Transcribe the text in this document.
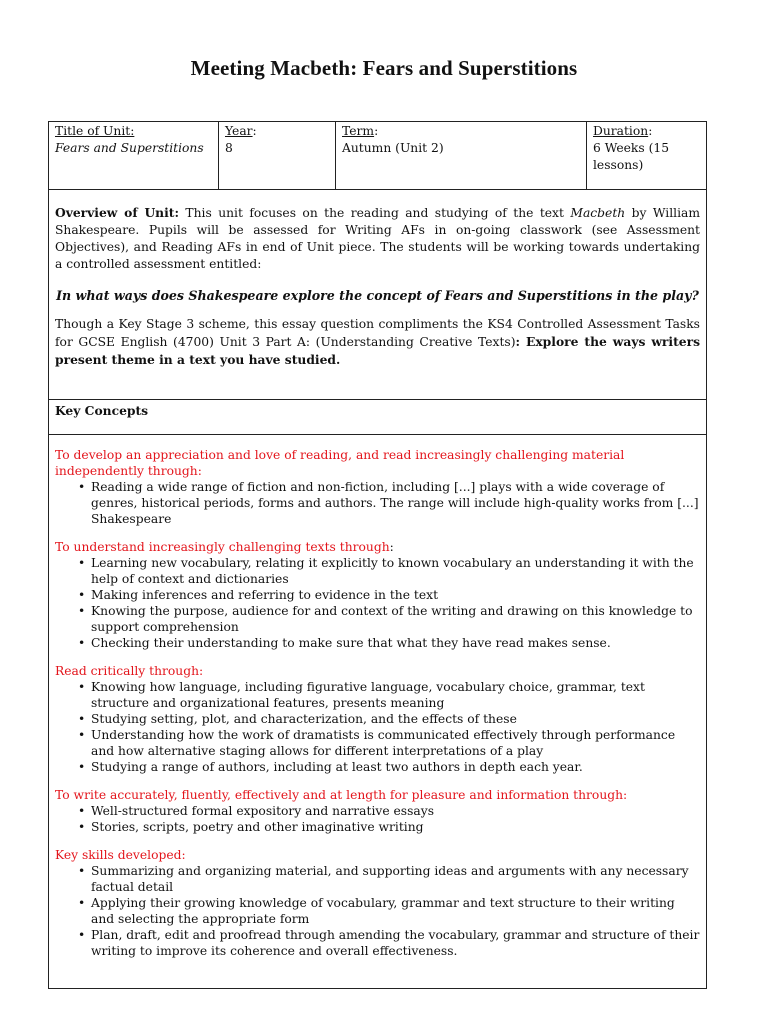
Meeting Macbeth: Fears and Superstitions
Title of Unit:
Fears and Superstitions
Year:
8
Term:
Autumn (Unit 2)
Duration:
6 Weeks (15 lessons)

Overview of Unit: This unit focuses on the reading and studying of the text Macbeth by William Shakespeare. Pupils will be assessed for Writing AFs in on-going classwork (see Assessment Objectives), and Reading AFs in end of Unit piece. The students will be working towards undertaking a controlled assessment entitled:

In what ways does Shakespeare explore the concept of Fears and Superstitions in the play?

Though a Key Stage 3 scheme, this essay question compliments the KS4 Controlled Assessment Tasks for GCSE English (4700) Unit 3 Part A: (Understanding Creative Texts): Explore the ways writers present theme in a text you have studied.

Key Concepts

To develop an appreciation and love of reading, and read increasingly challenging material independently through:

• Reading a wide range of fiction and non-fiction, including [...] plays with a wide coverage of genres, historical periods, forms and authors. The range will include high-quality works from [...] Shakespeare

To understand increasingly challenging texts through:

• Learning new vocabulary, relating it explicitly to known vocabulary an understanding it with the help of context and dictionaries
• Making inferences and referring to evidence in the text
• Knowing the purpose, audience for and context of the writing and drawing on this knowledge to support comprehension
• Checking their understanding to make sure that what they have read makes sense.

Read critically through:

• Knowing how language, including figurative language, vocabulary choice, grammar, text structure and organizational features, presents meaning
• Studying setting, plot, and characterization, and the effects of these
• Understanding how the work of dramatists is communicated effectively through performance and how alternative staging allows for different interpretations of a play
• Studying a range of authors, including at least two authors in depth each year.

To write accurately, fluently, effectively and at length for pleasure and information through:

• Well-structured formal expository and narrative essays
• Stories, scripts, poetry and other imaginative writing

Key skills developed:

• Summarizing and organizing material, and supporting ideas and arguments with any necessary factual detail
• Applying their growing knowledge of vocabulary, grammar and text structure to their writing and selecting the appropriate form
• Plan, draft, edit and proofread through amending the vocabulary, grammar and structure of their writing to improve its coherence and overall effectiveness.
